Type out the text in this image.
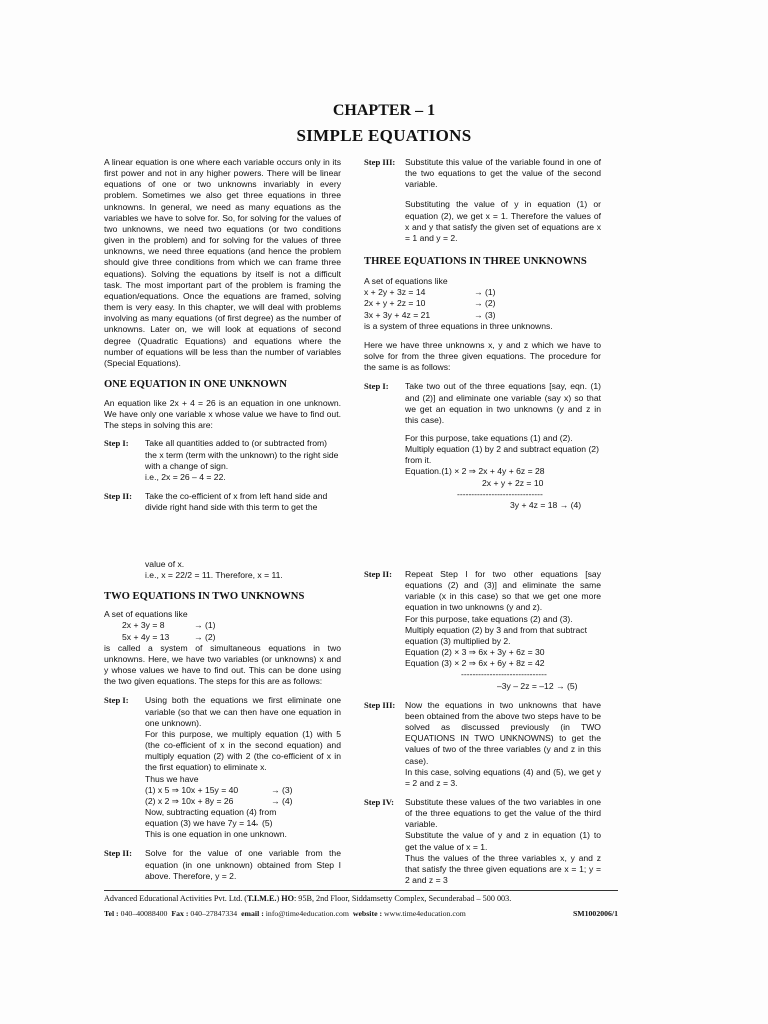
CHAPTER – 1
SIMPLE EQUATIONS

A linear equation is one where each variable occurs only in its first power and not in any higher powers. There will be linear equations of one or two unknowns invariably in every problem. Sometimes we also get three equations in three unknowns. In general, we need as many equations as the variables we have to solve for. So, for solving for the values of two unknowns, we need two equations (or two conditions given in the problem) and for solving for the values of three unknowns, we need three equations (and hence the problem should give three conditions from which we can frame three equations). Solving the equations by itself is not a difficult task. The most important part of the problem is framing the equation/equations. Once the equations are framed, solving them is very easy. In this chapter, we will deal with problems involving as many equations (of first degree) as the number of unknowns. Later on, we will look at equations of second degree (Quadratic Equations) and equations where the number of equations will be less than the number of variables (Special Equations).

ONE EQUATION IN ONE UNKNOWN

An equation like 2x + 4 = 26 is an equation in one unknown. We have only one variable x whose value we have to find out. The steps in solving this are:

Step I:	Take all quantities added to (or subtracted from) the x term (term with the unknown) to the right side with a change of sign.

i.e., 2x = 26 – 4 = 22.

Step II:	Take the co-efficient of x from left hand side and divide right hand side with this term to get the

Step III:	Substitute this value of the variable found in one of the two equations to get the value of the second variable.

Substituting the value of y in equation (1) or equation (2), we get x = 1. Therefore the values of x and y that satisfy the given set of equations are x = 1 and y = 2.

THREE EQUATIONS IN THREE UNKNOWNS

A set of equations like

x + 2y + 3z = 14	→ (1)
2x + y + 2z = 10	→ (2)
3x + 3y + 4z = 21	→ (3)

is a system of three equations in three unknowns.

Here we have three unknowns x, y and z which we have to solve for from the three given equations. The procedure for the same is as follows:

Step I:	Take two out of the three equations [say, eqn. (1) and (2)] and eliminate one variable (say x) so that we get an equation in two unknowns (y and z in this case).

For this purpose, take equations (1) and (2). Multiply equation (1) by 2 and subtract equation (2) from it.

Equation.(1) × 2 ⇒ 2x + 4y + 6z = 28

2x + y + 2z = 10

------------------------------

3y + 4z = 18 → (4)

value of x.

i.e., x = 22/2 = 11. Therefore, x = 11.

TWO EQUATIONS IN TWO UNKNOWNS

A set of equations like

2x + 3y = 8	→ (1)
5x + 4y = 13	→ (2)

is called a system of simultaneous equations in two unknowns. Here, we have two variables (or unknowns) x and y whose values we have to find out. This can be done using the two given equations. The steps for this are as follows:

Step I:	Using both the equations we first eliminate one variable (so that we can then have one equation in one unknown).

For this purpose, we multiply equation (1) with 5 (the co-efficient of x in the second equation) and multiply equation (2) with 2 (the co-efficient of x in the first equation) to eliminate x.

Thus we have

(1) x 5 ⇒ 10x + 15y = 40	→ (3)
(2) x 2 ⇒ 10x + 8y = 26	→ (4)

Now, subtracting equation (4) from equation (3) we have 7y = 14

→ (5)

This is one equation in one unknown.

Step II:	Solve for the value of one variable from the equation (in one unknown) obtained from Step I above. Therefore, y = 2.

Step II:	Repeat Step I for two other equations [say equations (2) and (3)] and eliminate the same variable (x in this case) so that we get one more equation in two unknowns (y and z).

For this purpose, take equations (2) and (3). Multiply equation (2) by 3 and from that subtract equation (3) multiplied by 2.

Equation (2) × 3 ⇒ 6x + 3y + 6z = 30

Equation (3) × 2 ⇒ 6x + 6y + 8z = 42

------------------------------

–3y – 2z = –12 → (5)

Step III:	Now the equations in two unknowns that have been obtained from the above two steps have to be solved as discussed previously (in TWO EQUATIONS IN TWO UNKNOWNS) to get the values of two of the three variables (y and z in this case).

In this case, solving equations (4) and (5), we get y = 2 and z = 3.

Step IV:	Substitute these values of the two variables in one of the three equations to get the value of the third variable.

Substitute the value of y and z in equation (1) to get the value of x = 1.

Thus the values of the three variables x, y and z that satisfy the three given equations are x = 1; y = 2 and z = 3

Advanced Educational Activities Pvt. Ltd. (T.I.M.E.) HO: 95B, 2nd Floor, Siddamsetty Complex, Secunderabad – 500 003.
Tel : 040–40088400 Fax : 040–27847334 email : info@time4education.com website : www.time4education.com	SM1002006/1
